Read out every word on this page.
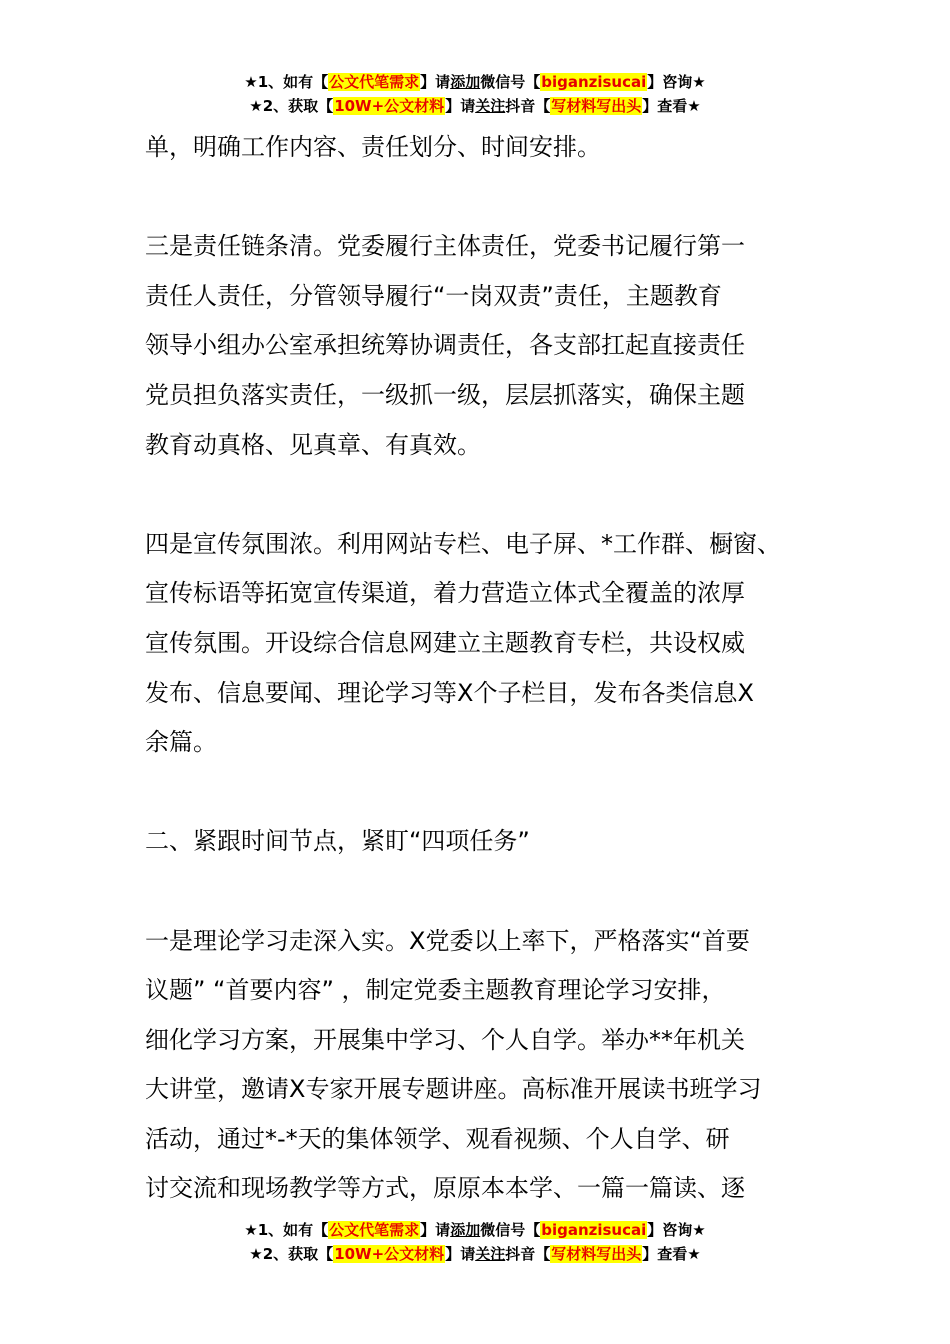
★1、如有【公文代笔需求】请添加微信号【biganzisucai】咨询★
★2、获取【10W+公文材料】请关注抖音【写材料写出头】查看★

单，明确工作内容、责任划分、时间安排。

三是责任链条清。党委履行主体责任，党委书记履行第一
责任人责任，分管领导履行“一岗双责”责任，主题教育
领导小组办公室承担统筹协调责任，各支部扛起直接责任
党员担负落实责任，一级抓一级，层层抓落实，确保主题
教育动真格、见真章、有真效。

四是宣传氛围浓。利用网站专栏、电子屏、*工作群、橱窗、
宣传标语等拓宽宣传渠道，着力营造立体式全覆盖的浓厚
宣传氛围。开设综合信息网建立主题教育专栏，共设权威
发布、信息要闻、理论学习等X个子栏目，发布各类信息X
余篇。

二、紧跟时间节点，紧盯“四项任务”

一是理论学习走深入实。X党委以上率下，严格落实“首要
议题” “首要内容” ，制定党委主题教育理论学习安排，
细化学习方案，开展集中学习、个人自学。举办**年机关
大讲堂，邀请X专家开展专题讲座。高标准开展读书班学习
活动，通过*-*天的集体领学、观看视频、个人自学、研
讨交流和现场教学等方式，原原本本学、一篇一篇读、逐

★1、如有【公文代笔需求】请添加微信号【biganzisucai】咨询★
★2、获取【10W+公文材料】请关注抖音【写材料写出头】查看★
